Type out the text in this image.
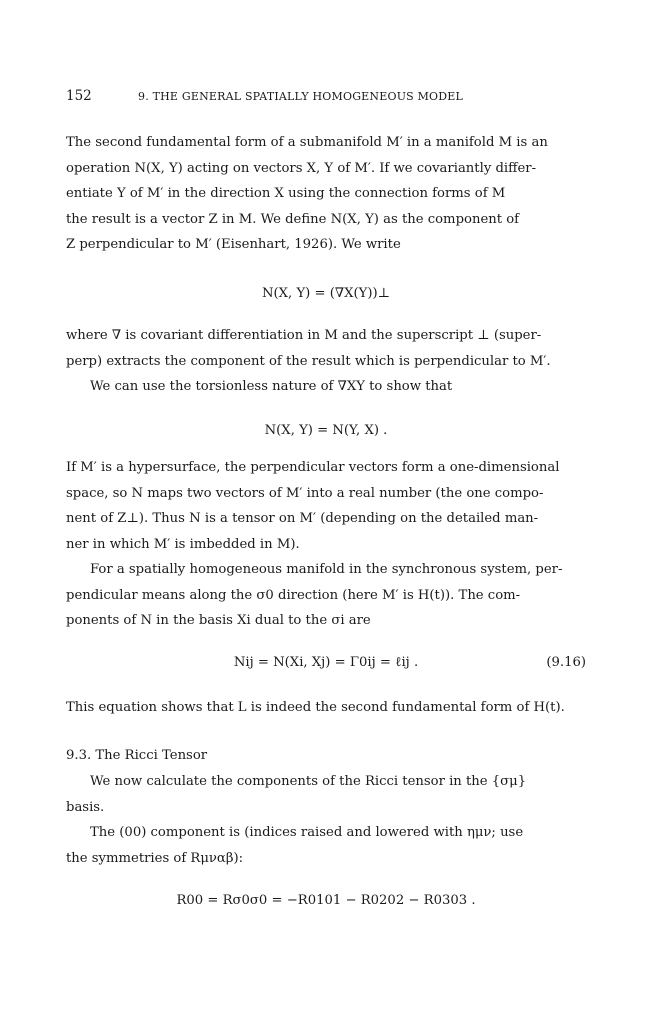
152	9. THE GENERAL SPATIALLY HOMOGENEOUS MODEL
The second fundamental form of a submanifold M′ in a manifold M is an
operation N(X, Y) acting on vectors X, Y of M′. If we covariantly differ-
entiate Y of M′ in the direction X using the connection forms of M
the result is a vector Z in M. We define N(X, Y) as the component of
Z perpendicular to M′ (Eisenhart, 1926). We write
N(X, Y) = (∇X(Y))⊥
where ∇ is covariant differentiation in M and the superscript ⊥ (super-
perp) extracts the component of the result which is perpendicular to M′.
We can use the torsionless nature of ∇XY to show that
N(X, Y) = N(Y, X) .
If M′ is a hypersurface, the perpendicular vectors form a one-dimensional
space, so N maps two vectors of M′ into a real number (the one compo-
nent of Z⊥). Thus N is a tensor on M′ (depending on the detailed man-
ner in which M′ is imbedded in M).
For a spatially homogeneous manifold in the synchronous system, per-
pendicular means along the σ0 direction (here M′ is H(t)). The com-
ponents of N in the basis Xi dual to the σi are
Nij = N(Xi, Xj) = Γ0ij = ℓij .	(9.16)
This equation shows that L is indeed the second fundamental form of H(t).
9.3. The Ricci Tensor
We now calculate the components of the Ricci tensor in the {σμ}
basis.
The (00) component is (indices raised and lowered with ημν; use
the symmetries of Rμναβ):
R00 = Rσ0σ0 = −R0101 − R0202 − R0303 .
